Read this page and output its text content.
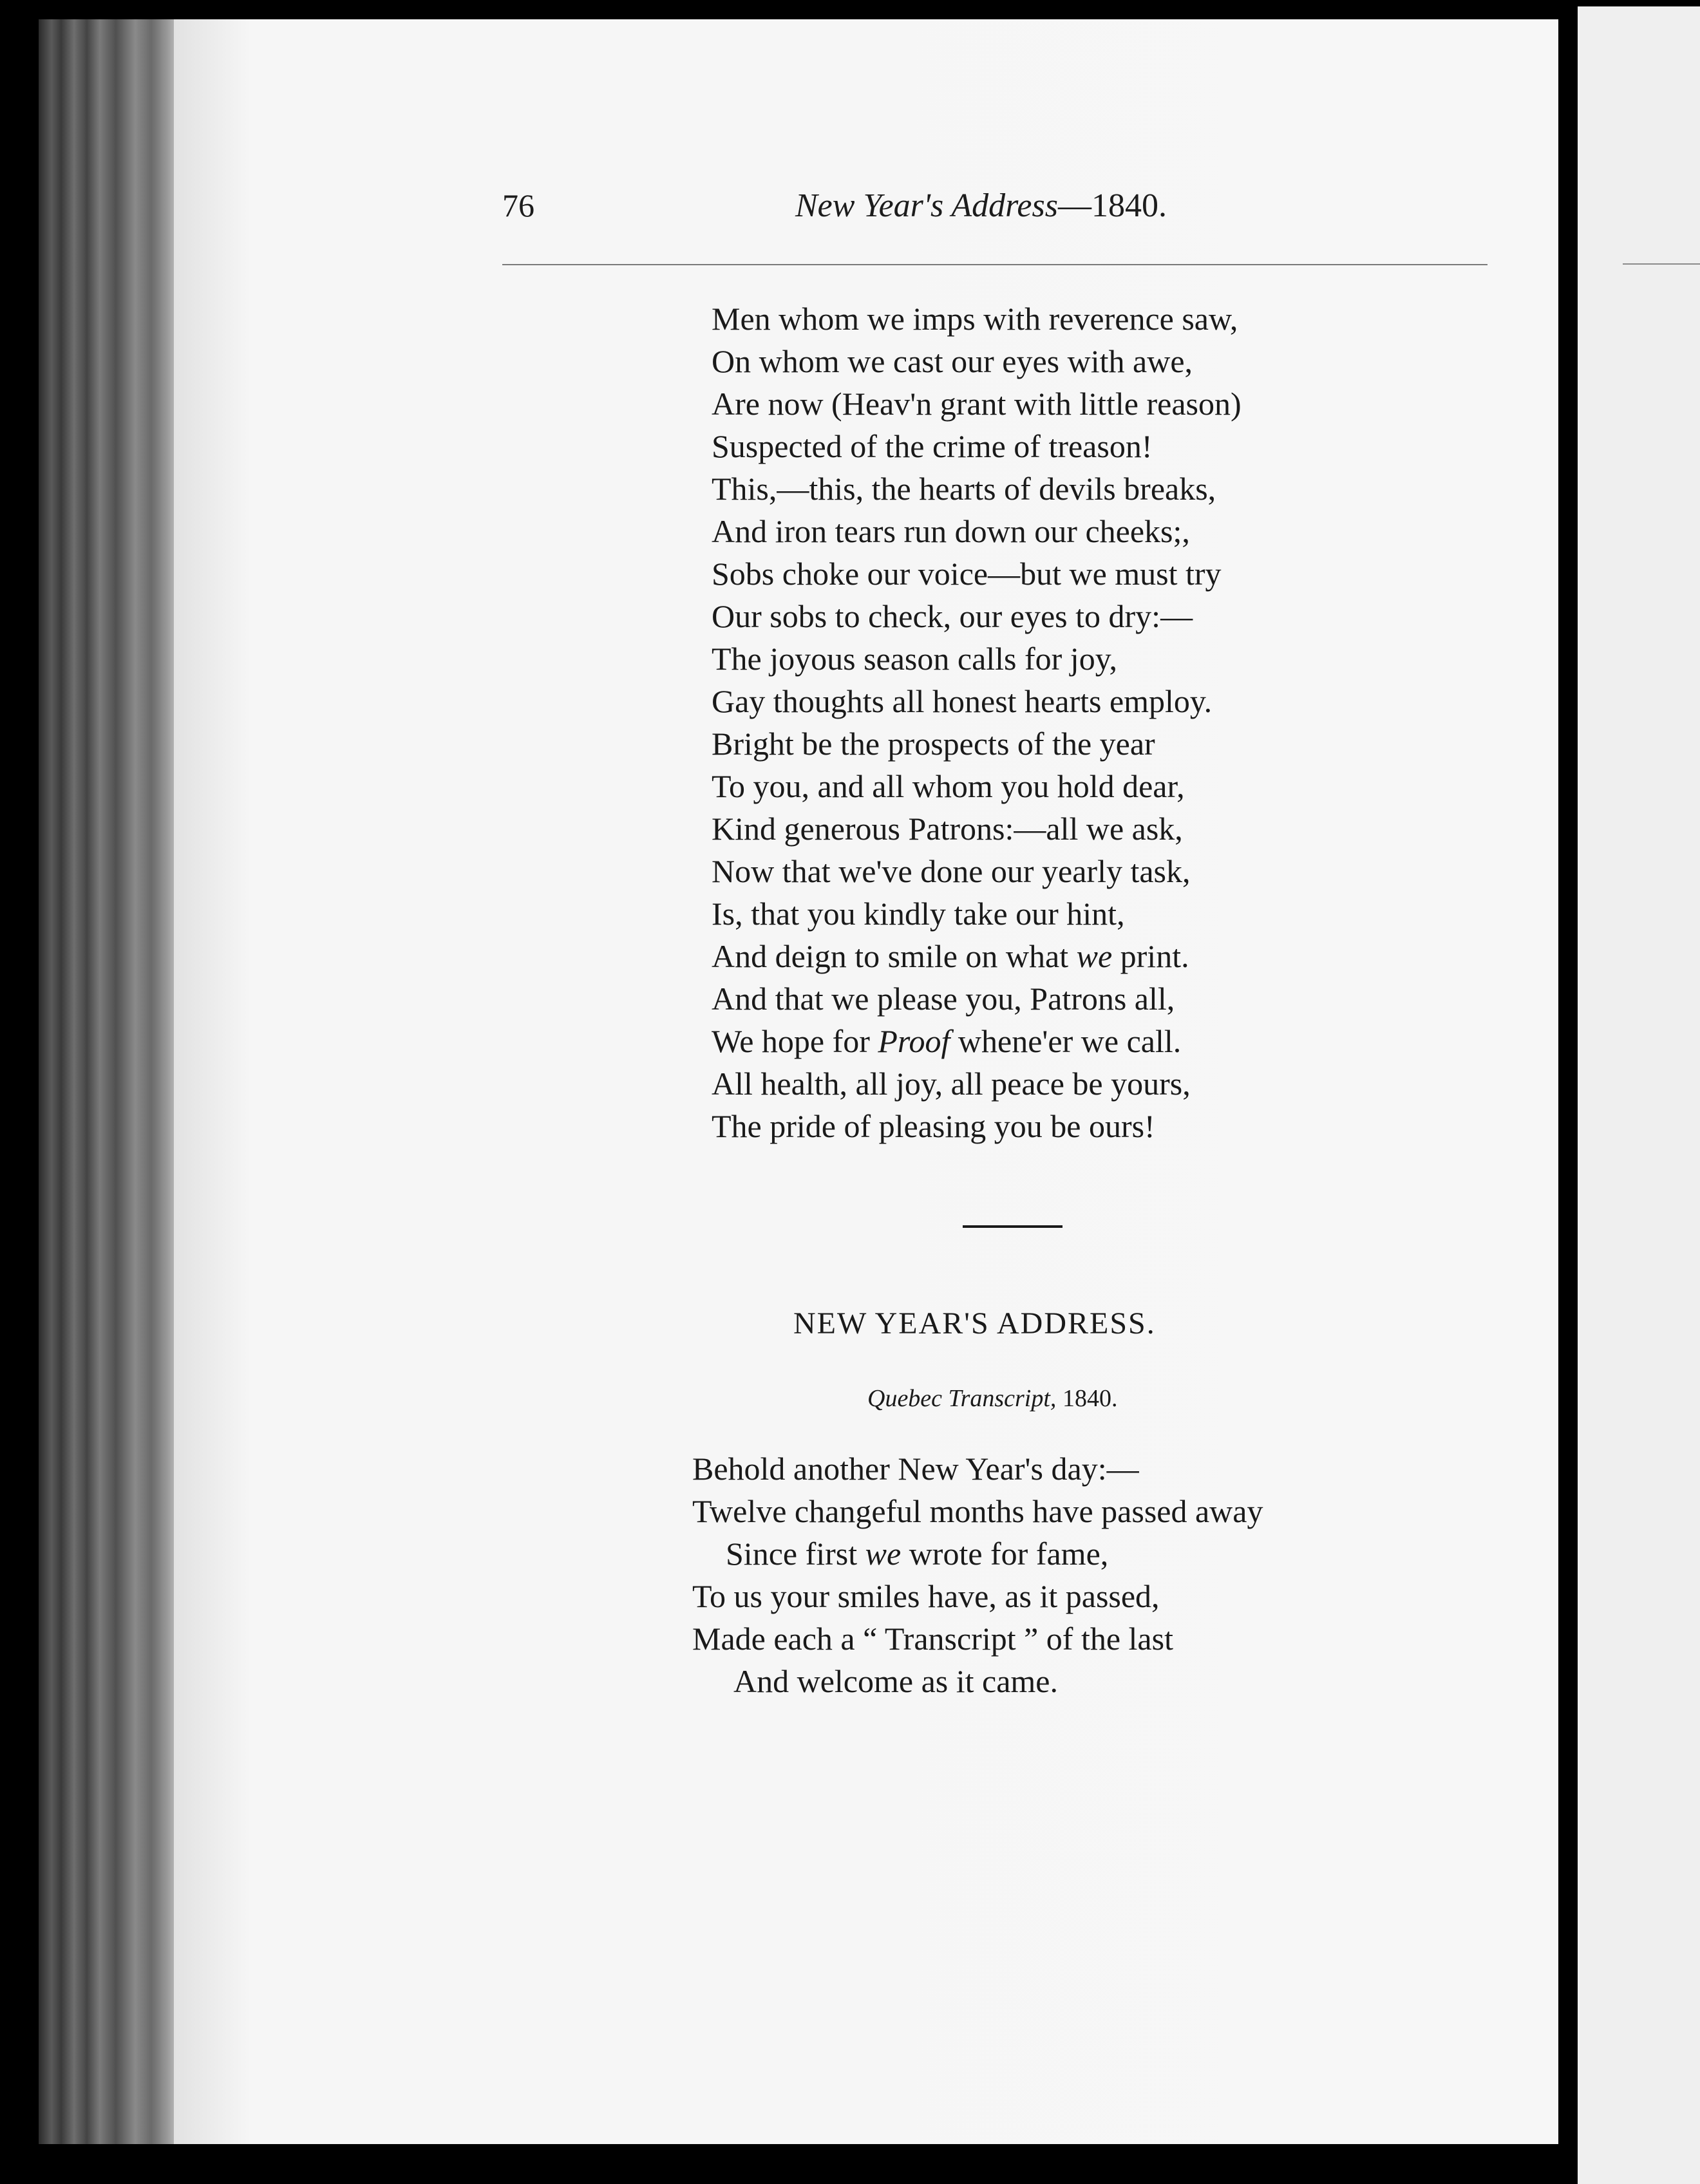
76	New Year's Address—1840.
Men whom we imps with reverence saw,
On whom we cast our eyes with awe,
Are now (Heav'n grant with little reason)
Suspected of the crime of treason!
This,—this, the hearts of devils breaks,
And iron tears run down our cheeks;,
Sobs choke our voice—but we must try
Our sobs to check, our eyes to dry:—
The joyous season calls for joy,
Gay thoughts all honest hearts employ.
Bright be the prospects of the year
To you, and all whom you hold dear,
Kind generous Patrons:—all we ask,
Now that we've done our yearly task,
Is, that you kindly take our hint,
And deign to smile on what we print.
And that we please you, Patrons all,
We hope for Proof whene'er we call.
All health, all joy, all peace be yours,
The pride of pleasing you be ours!
NEW YEAR'S ADDRESS.
Quebec Transcript, 1840.
Behold another New Year's day:—
Twelve changeful months have passed away
Since first we wrote for fame,
To us your smiles have, as it passed,
Made each a “ Transcript ” of the last
And welcome as it came.
